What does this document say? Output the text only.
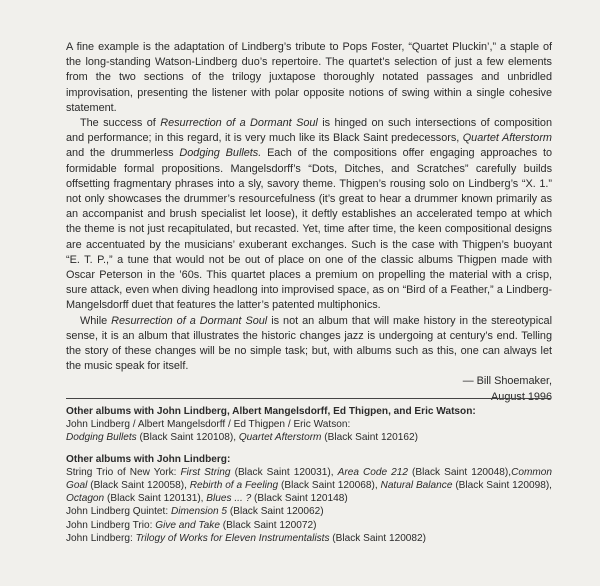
A fine example is the adaptation of Lindberg’s tribute to Pops Foster, “Quartet Pluckin’,” a staple of the long-standing Watson-Lindberg duo’s repertoire. The quartet’s selection of just a few elements from the two sections of the trilogy juxtapose thoroughly notated passages and unbridled improvisation, presenting the listener with polar opposite notions of swing within a single cohesive statement.

The success of Resurrection of a Dormant Soul is hinged on such intersections of composition and performance; in this regard, it is very much like its Black Saint predecessors, Quartet Afterstorm and the drummerless Dodging Bullets. Each of the compositions offer engaging approaches to formidable formal propositions. Mangelsdorff’s “Dots, Ditches, and Scratches” carefully builds offsetting fragmentary phrases into a sly, savory theme. Thigpen’s rousing solo on Lindberg’s “X. 1.” not only showcases the drummer’s resourcefulness (it’s great to hear a drummer known primarily as an accompanist and brush specialist let loose), it deftly establishes an accelerated tempo at which the theme is not just recapitulated, but recasted. Yet, time after time, the keen compositional designs are accentuated by the musicians’ exuberant exchanges. Such is the case with Thigpen’s buoyant “E. T. P.,” a tune that would not be out of place on one of the classic albums Thigpen made with Oscar Peterson in the ’60s. This quartet places a premium on propelling the material with a crisp, sure attack, even when diving headlong into improvised space, as on “Bird of a Feather,” a Lindberg-Mangelsdorff duet that features the latter’s patented multiphonics.

While Resurrection of a Dormant Soul is not an album that will make history in the stereotypical sense, it is an album that illustrates the historic changes jazz is undergoing at century’s end. Telling the story of these changes will be no simple task; but, with albums such as this, one can always let the music speak for itself.

— Bill Shoemaker,

August 1996

Other albums with John Lindberg, Albert Mangelsdorff, Ed Thigpen, and Eric Watson:

John Lindberg / Albert Mangelsdorff / Ed Thigpen / Eric Watson:

Dodging Bullets (Black Saint 120108), Quartet Afterstorm (Black Saint 120162)

Other albums with John Lindberg:

String Trio of New York: First String (Black Saint 120031), Area Code 212 (Black Saint 120048),Common Goal (Black Saint 120058), Rebirth of a Feeling (Black Saint 120068), Natural Balance (Black Saint 120098), Octagon (Black Saint 120131), Blues ... ? (Black Saint 120148)

John Lindberg Quintet: Dimension 5 (Black Saint 120062)

John Lindberg Trio: Give and Take (Black Saint 120072)

John Lindberg: Trilogy of Works for Eleven Instrumentalists (Black Saint 120082)
